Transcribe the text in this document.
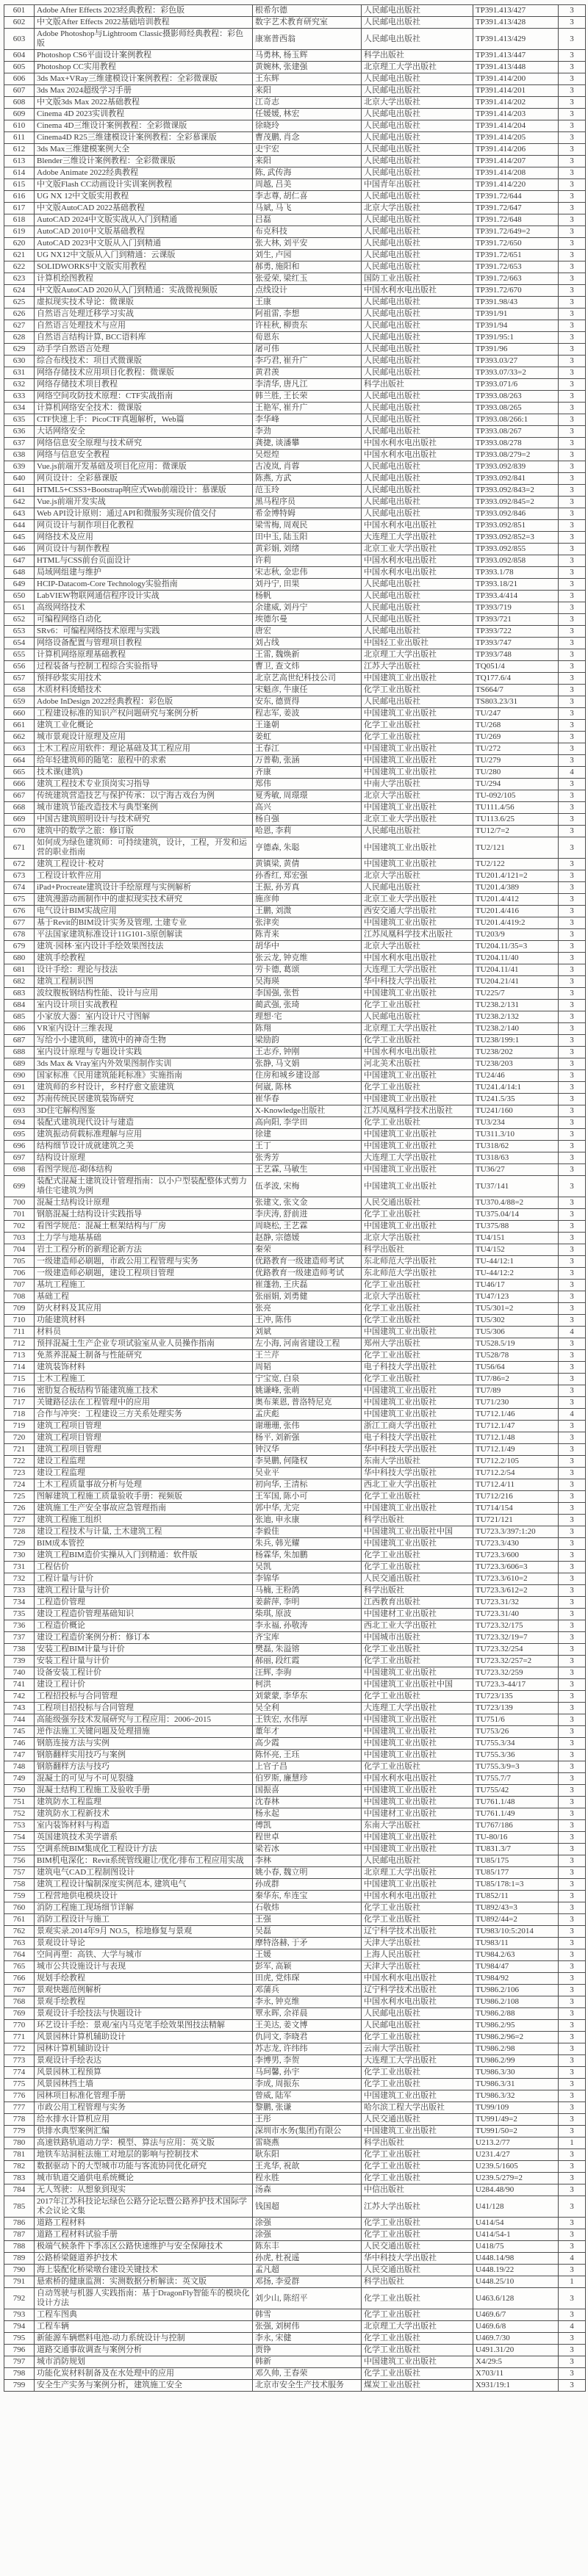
601	Adobe After Effects 2023经典教程：彩色版	根希尔德	人民邮电出版社	TP391.413/427	3
602	中文版After Effects 2022基础培训教程	数字艺术教育研究室	人民邮电出版社	TP391.413/428	3
603	Adobe Photoshop与Lightroom Classic摄影师经典教程：彩色版	康塞普西翁	人民邮电出版社	TP391.413/429	3
604	Photoshop CS6平面设计案例教程	马勇林, 杨玉辉	科学出版社	TP391.413/447	3
605	Photoshop CC实用教程	黄婉林, 张建强	北京理工大学出版社	TP391.413/448	3
606	3ds Max+VRay三维建模设计案例教程：全彩微课版	王东辉	人民邮电出版社	TP391.414/200	3
607	3ds Max 2024超级学习手册	来阳	人民邮电出版社	TP391.414/201	3
608	中文版3ds Max 2022基础教程	江奇志	北京大学出版社	TP391.414/202	3
609	Cinema 4D 2023实训教程	任媛媛, 林宏	人民邮电出版社	TP391.414/203	3
610	Cinema 4D三维设计案例教程：全彩微课版	徐晓玲	人民邮电出版社	TP391.414/204	3
611	Cinema4D R25三维建模设计案例教程：全彩慕课版	曹茂鹏, 肖念	人民邮电出版社	TP391.414/205	3
612	3ds Max三维建模案例大全	史宇宏	人民邮电出版社	TP391.414/206	3
613	Blender三维设计案例教程：全彩微课版	来阳	人民邮电出版社	TP391.414/207	3
614	Adobe Animate 2022经典教程	陈, 武传海	人民邮电出版社	TP391.414/208	3
615	中文版Flash CC动画设计实训案例教程	周越, 吕美	中国青年出版社	TP391.414/220	3
616	UG NX 12中文版实用教程	李志尊, 胡仁喜	人民邮电出版社	TP391.72/644	3
617	中文版AutoCAD 2022基础教程	马斌, 马飞	北京大学出版社	TP391.72/647	3
618	AutoCAD 2024中文版实战从入门到精通	吕磊	人民邮电出版社	TP391.72/648	3
619	AutoCAD 2010中文版基础教程	布克科技	人民邮电出版社	TP391.72/649=2	3
620	AutoCAD 2023中文版从入门到精通	张大林, 刘平安	人民邮电出版社	TP391.72/650	3
621	UG NX12中文版从入门到精通：云课版	刘生, 卢园	人民邮电出版社	TP391.72/651	3
622	SOLIDWORKS中文版实用教程	郝勇, 施阳和	人民邮电出版社	TP391.72/653	3
623	计算机绘图教程	张爱荣, 梁红玉	国防工业出版社	TP391.72/663	3
624	中文版AutoCAD 2020从入门到精通：实战微视频版	点线设计	中国水利水电出版社	TP391.72/670	3
625	虚拟现实技术导论：微课版	王康	人民邮电出版社	TP391.98/43	3
626	自然语言处理迁移学习实战	阿祖雷, 李想	人民邮电出版社	TP391/91	3
627	自然语言处理技术与应用	许桂秋, 柳贵东	人民邮电出版社	TP391/94	3
628	自然语言结构计算, BCC语料库	荀恩东	人民邮电出版社	TP391/95:1	3
629	动手学自然语言处理	屠可伟	人民邮电出版社	TP391/96	3
630	综合布线技术：项目式微课版	李巧君, 崔升广	人民邮电出版社	TP393.03/27	3
631	网络存储技术应用项目化教程：微课版	黄君羡	人民邮电出版社	TP393.07/33=2	3
632	网络存储技术项目教程	李清华, 唐凡江	科学出版社	TP393.071/6	3
633	网络空间攻防技术原理：CTF实战指南	韩兰胜, 王长荣	人民邮电出版社	TP393.08/263	3
634	计算机网络安全技术：微课版	王艳军, 崔升广	人民邮电出版社	TP393.08/265	3
635	CTF快速上手：PicoCTF真题解析，Web篇	李华峰	人民邮电出版社	TP393.08/266:1	3
636	大话网络安全	李劲	人民邮电出版社	TP393.08/267	3
637	网络信息安全原理与技术研究	龚捷, 谈潘攀	中国水利水电出版社	TP393.08/278	3
638	网络与信息安全教程	吴煜煌	中国水利水电出版社	TP393.08/279=2	3
639	Vue.js前端开发基础及项目化应用：微课版	古凌岚, 肖蓉	人民邮电出版社	TP393.092/839	3
640	网页设计：全彩慕课版	陈燕, 方武	人民邮电出版社	TP393.092/841	3
641	HTML5+CSS3+Bootstrap响应式Web前端设计：慕课版	范玉玲	人民邮电出版社	TP393.092/843=2	3
642	Vue.js前端开发实战	黑马程序员	人民邮电出版社	TP393.092/845=2	3
643	Web API设计原则：通过API和微服务实现价值交付	希金博特姆	人民邮电出版社	TP393.092/846	3
644	网页设计与制作项目化教程	梁雪梅, 周观民	中国水利水电出版社	TP393.092/851	3
645	网络技术及应用	田中玉, 陆玉阳	大连理工大学出版社	TP393.092/852=3	3
646	网页设计与制作教程	黄彩娟, 刘绪	北京工业大学出版社	TP393.092/855	3
647	HTML与CSS前台页面设计	许莉	中国水利水电出版社	TP393.092/858	3
648	局域网组建与维护	宋志秋, 金忠伟	中国水利水电出版社	TP393.1/78	3
649	HCIP-Datacom-Core Technology实验指南	刘丹宁, 田果	人民邮电出版社	TP393.18/21	3
650	LabVIEW物联网通信程序设计实战	杨帆	人民邮电出版社	TP393.4/414	3
651	高级网络技术	余建威, 刘丹宁	人民邮电出版社	TP393/719	3
652	可编程网络自动化	埃德尔曼	人民邮电出版社	TP393/721	3
653	SRv6：可编程网络技术原理与实践	唐宏	人民邮电出版社	TP393/722	3
654	网络设备配置与管理项目教程	刘占线	中国轻工业出版社	TP393/747	3
655	计算机网络原理基础教程	王雷, 魏焕新	北京理工大学出版社	TP393/748	3
656	过程装备与控制工程综合实验指导	曹卫, 查文炜	江苏大学出版社	TQ051/4	3
657	预拌砂浆实用技术	北京艺高世纪科技公司	中国建筑工业出版社	TQ177.6/4	3
658	木质材料烫蜡技术	宋魁彦, 牛康任	化学工业出版社	TS664/7	3
659	Adobe InDesign 2022经典教程：彩色版	安东, 德贾得	人民邮电出版社	TS803.23/31	3
660	工程建设标准的知识产权问题研究与案例分析	程志军, 姜波	中国建筑工业出版社	TU/247	3
661	建筑工业化概论	王逢朝	化学工业出版社	TU/268	3
662	城市景观设计原理及应用	姜虹	化学工业出版社	TU/269	3
663	土木工程应用软件：理论基础及其工程应用	王春江	中国建筑工业出版社	TU/272	3
664	给年轻建筑师的随笔：旅程中的求索	万普勒, 张涵	中国建筑工业出版社	TU/279	3
665	技术课(建筑)	齐康	中国建筑工业出版社	TU/280	4
666	建筑工程技术专业顶岗实习指导	郑伟	中南大学出版社	TU/294	3
667	传统建筑营造技艺与保护传承：以宁海古戏台为例	夏秀敏, 周璟璟	北京大学出版社	TU-092/105	3
668	城市建筑节能改造技术与典型案例	高兴	中国建筑工业出版社	TU111.4/56	3
669	中国古建筑照明设计与技术研究	杨自强	北京工业大学出版社	TU113.6/25	3
670	建筑中的数学之旅：修订版	哈恩, 李莉	人民邮电出版社	TU12/7=2	3
671	如何成为绿色建筑师：可持续建筑，设计，工程，开发和运营的职业指南	亨德森, 朱聪	中国建筑工业出版社	TU2/121	3
672	建筑工程设计·校对	黄镇梁, 黄倩	中国建筑工业出版社	TU2/122	3
673	工程设计软件应用	孙香红, 郑宏强	北京大学出版社	TU201.4/121=2	3
674	iPad+Procreate建筑设计手绘原理与实例解析	王振, 孙芳真	人民邮电出版社	TU201.4/389	3
675	建筑漫游动画制作中的虚拟现实技术研究	施彦帅	北京工业大学出版社	TU201.4/412	3
676	电气设计BIM实战应用	王鹏, 刘溦	西安交通大学出版社	TU201.4/416	3
677	基于Revit的BIM设计实务及管理, 土建专业	张津奕	中国建筑工业出版社	TU201.4/419:2	3
678	平法国家建筑标准设计11G101-3原创解读	陈青来	江苏凤凰科学技术出版社	TU203/9	3
679	建筑·园林·室内设计手绘效果图技法	胡华中	北京大学出版社	TU204.11/35=3	3
680	建筑手绘教程	张云龙, 钟克维	中国水利水电出版社	TU204.11/40	3
681	设计手绘：理论与技法	劳卡德, 葛颂	大连理工大学出版社	TU204.11/41	3
682	建筑工程制识图	吴海瑛	华中科技大学出版社	TU204.21/41	3
683	波纹腹板钢结构性能、设计与应用	李国强, 张哲	中国建筑工业出版社	TU225/7	3
684	室内设计项目实战教程	蔺武强, 张琦	化学工业出版社	TU238.2/131	3
685	小家放大器：室内设计尺寸图解	理想·宅	人民邮电出版社	TU238.2/132	3
686	VR室内设计三维表现	陈翔	北京理工大学出版社	TU238.2/140	3
687	写给小小建筑师，建筑中的神奇生物	梁励韵	化学工业出版社	TU238/199:1	3
688	室内设计原理与专题设计实践	王志乔, 钟刚	中国水利水电出版社	TU238/202	3
689	3ds Max & Vray室内外效果图制作实训	张静, 马文娟	河北美术出版社	TU238/203	3
690	国家标准《民用建筑能耗标准》实施指南	住房和城乡建设部	中国建筑工业出版社	TU24/46	3
691	建筑师的乡村设计，乡村疗愈文旅建筑	何崴, 陈林	化学工业出版社	TU241.4/14:1	3
692	苏南传统民居建筑装饰研究	崔华春	中国建筑工业出版社	TU241.5/35	3
693	3D住宅解构图鉴	X-Knowledge出版社	江苏凤凰科学技术出版社	TU241/160	3
694	装配式建筑现代设计与建造	高向阳, 李学田	化学工业出版社	TU3/234	3
695	建筑振动荷载标准理解与应用	徐建	中国建筑工业出版社	TU311.3/10	3
696	结构细节设计成就建筑之美	王丁	中国建筑工业出版社	TU318/62	3
697	结构设计原理	张秀芳	大连理工大学出版社	TU318/63	3
698	看图学规范-砌体结构	王艺霖, 马敏生	中国建筑工业出版社	TU36/27	3
699	装配式混凝土建筑设计管理指南：以小户型装配整体式剪力墙住宅建筑为例	伍孝波, 宋梅	中国建筑工业出版社	TU37/141	3
700	混凝土结构设计原理	张建文, 张文金	人民交通出版社	TU370.4/88=2	3
701	钢筋混凝土结构设计实践指导	李庆涛, 舒前进	化学工业出版社	TU375.04/14	3
702	看图学规范：混凝土框架结构与厂房	周晓松, 王艺霖	中国建筑工业出版社	TU375/88	3
703	土力学与地基基础	赵静, 宗德媛	北京大学出版社	TU4/151	3
704	岩土工程分析的新理论新方法	秦荣	科学出版社	TU4/152	3
705	一级建造师必刷题，市政公用工程管理与实务	优路教育一级建造师考试	东北师范大学出版社	TU-44/12:1	3
706	一级建造师必刷题，建设工程项目管理	优路教育一级建造师考试	东北师范大学出版社	TU-44/12:2	3
707	基坑工程施工	崔蓬勃, 王庆磊	化学工业出版社	TU46/17	3
708	基础工程	张丽娟, 刘勇健	北京大学出版社	TU47/123	3
709	防火材料及其应用	张亮	化学工业出版社	TU5/301=2	3
710	功能建筑材料	王冲, 陈伟	化学工业出版社	TU5/302	3
711	材料员	刘斌	中国建筑工业出版社	TU5/306	4
712	预拌混凝土生产企业专项试验室从业人员操作指南	左小海, 河南省建设工程	郑州大学出版社	TU528.5/19	3
713	免蒸养混凝土制备与性能研究	王兰芹	化学工业出版社	TU528/78	3
714	建筑装饰材料	周韬	电子科技大学出版社	TU56/64	3
715	土木工程施工	宁宝宽, 白泉	化学工业出版社	TU7/86=2	3
716	密肋复合板结构节能建筑施工技术	姚谦峰, 张萌	中国建筑工业出版社	TU7/89	3
717	关键路径法在工程管理中的应用	奥布莱恩, 普洛特尼克	中国建筑工业出版社	TU71/230	3
718	合作与冲突：工程建设三方关系处理实务	孟庆彪	中国建筑工业出版社	TU712.1/46	4
719	建筑工程项目管理	谢珊珊, 张伟	浙江工商大学出版社	TU712.1/47	3
720	建筑工程项目管理	杨平, 刘新强	电子科技大学出版社	TU712.1/48	3
721	建筑工程项目管理	钟汉华	华中科技大学出版社	TU712.1/49	3
722	建设工程监理	李昊鹏, 何隆权	东南大学出版社	TU712.2/105	3
723	建设工程监理	吴业平	华中科技大学出版社	TU712.2/54	3
724	土木工程质量事故分析与处理	初向华, 王清标	西北工业大学出版社	TU712.4/11	3
725	图解建筑工程施工质量验收手册：视频版	王军国, 陈小可	化学工业出版社	TU712/216	3
726	建筑施工生产安全事故应急管理指南	郭中华, 尤完	中国建筑工业出版社	TU714/154	3
727	建筑工程施工组织	张迪, 申永康	科学出版社	TU721/121	3
728	建设工程技术与计量, 土木建筑工程	李毅佳	中国建筑工业出版社中国	TU723.3/397:1:20	3
729	BIM成本管控	朱兵, 韩光耀	中国建筑工业出版社	TU723.3/430	3
730	建筑工程BIM造价实操从入门到精通：软件版	杨霖华, 朱加鹏	化学工业出版社	TU723.3/600	3
731	工程估价	吴凯	化学工业出版社	TU723.3/606=3	3
732	工程计量与计价	李锦华	人民交通出版社	TU723.3/610=2	3
733	建筑工程计量与计价	马楠, 王粉鸽	科学出版社	TU723.3/612=2	3
734	工程造价管理	姜薪萍, 李明	江西教育出版社	TU723.31/32	3
735	建设工程造价管理基础知识	柴琪, 原波	中国建材工业出版社	TU723.31/40	3
736	工程造价概论	李永福, 孙敬涛	西北工业大学出版社	TU723.32/175	3
737	建设工程造价案例分析：修订本	齐宝库	中国城市出版社	TU723.32/19=7	3
738	安装工程BIM计量与计价	樊磊, 朱溢镕	化学工业出版社	TU723.32/254	3
739	安装工程计量与计价	郝丽, 段红霞	化学工业出版社	TU723.32/257=2	3
740	设备安装工程计价	汪辉, 李驹	中国建筑工业出版社	TU723.32/259	3
741	建设工程计价	柯洪	中国建筑工业出版社中国	TU723.3-44/17	3
742	工程招投标与合同管理	刘蒙蒙, 李华东	化学工业出版社	TU723/135	3
743	工程项目招投标与合同管理	吴全利	大连理工大学出版社	TU723/139	3
744	高能级强夯技术发展研究与工程应用：2006~2015	王铁宏, 水伟厚	中国建筑工业出版社	TU751/6	3
745	逆作法施工关键问题及处理措施	董年才	中国建筑工业出版社	TU753/26	3
746	钢筋连接方法与实例	高少霞	中国建筑工业出版社	TU755.3/34	3
747	钢筋翻样实用技巧与案例	陈怀亮, 王珏	中国建筑工业出版社	TU755.3/36	3
748	钢筋翻样方法与技巧	上官子昌	化学工业出版社	TU755.3/9=3	3
749	混凝土的可见与不可见裂缝	伯罗斯, 廉慧珍	中国水利水电出版社	TU755.7/7	3
750	混凝土结构工程施工及验收手册	国振喜	中国建筑工业出版社	TU755/42	3
751	建筑防水工程监理	沈春林	中国建筑工业出版社	TU761.1/48	3
752	建筑防水工程新技术	杨永起	中国建材工业出版社	TU761.1/49	3
753	室内装饰材料与构造	傅凯	东南大学出版社	TU767/186	3
754	英国建筑技术美学谱系	程世卓	中国建筑工业出版社	TU-80/16	3
755	空调系统BIM集成化工程设计方法	梁若冰	中国建筑工业出版社	TU831.3/7	3
756	BIM机电深化：Revit系统管线避让/优化/排布工程应用实战	李林	人民邮电出版社	TU85/175	3
757	建筑电气CAD工程制图设计	姚小春, 魏立明	北京理工大学出版社	TU85/177	3
758	建筑工程设计编制深度实例范本, 建筑电气	孙成群	中国建筑工业出版社	TU85/178:1=3	3
759	工程营地供电模块设计	秦华东, 牟连宝	中国水利水电出版社	TU852/11	3
760	消防工程施工现场细节详解	石敬炜	化学工业出版社	TU892/43=3	3
761	消防工程设计与施工	王强	化学工业出版社	TU892/44=2	3
762	景观实录.2014年9月 NO.5，棕地修复与景观	吴磊	辽宁科学技术出版社	TU983/10:5:2014	3
763	景观设计导论	摩特洛赫, 于矛	天津大学出版社	TU983/11	3
764	空间再塑：高铁、大学与城市	王媛	上海人民出版社	TU984.2/63	3
765	城市公共设施设计与表现	彭军, 高颖	天津大学出版社	TU984/47	3
766	规划手绘教程	田虎, 党炜琛	中国水利水电出版社	TU984/92	3
767	景观快题范例解析	邓蒲兵	辽宁科学技术出版社	TU986.2/106	3
768	景观手绘教程	李永, 钟克维	中国水利水电出版社	TU986.2/108	3
769	景观设计手绘技法与快题设计	覃永晖, 余祥晨	人民邮电出版社	TU986.2/88	3
770	环艺设计手绘：景观/室内马克笔手绘效果图技法精解	王美达, 姜文博	人民邮电出版社	TU986.2/95	3
771	风景园林计算机辅助设计	仇同文, 李晓君	化学工业出版社	TU986.2/96=2	3
772	园林计算机辅助设计	苏志龙, 许纬纬	云南大学出版社	TU986.2/98	3
773	景观设计手绘表达	李博男, 李贺	大连理工大学出版社	TU986.2/99	3
774	风景园林工程预算	马珂馨, 孙宇	化学工业出版社	TU986.3/30	3
775	风景园林挡土墙	李成, 周振东	化学工业出版社	TU986.3/31	3
776	园林项目标准化管理手册	曾威, 陆军	中国建筑工业出版社	TU986.3/32	3
777	市政公用工程管理与实务	黎鹏, 张谦	哈尔滨工程大学出版社	TU99/109	3
778	给水排水计算机应用	王彤	人民交通出版社	TU991/49=2	3
779	供排水典型案例汇编	深圳市水务(集团)有限公	中国建筑工业出版社	TU991/50=2	3
780	高速铁路轨道动力学：模型、算法与应用：英文版	雷晓燕	科学出版社	U213.2/77	1
781	地铁车站洞桩法施工对地层的影响与控制技术	耿东阳	化学工业出版社	U231.4/27	3
782	数据驱动下的大型城市功能与客流协同优化研究	王兆华, 祝歆	化学工业出版社	U239.5/1605	3
783	城市轨道交通供电系统概论	程永胜	化学工业出版社	U239.5/279=2	3
784	无人驾驶：从想象到现实	汤森	中信出版社	U284.48/90	3
785	2017年江苏科技论坛绿色公路分论坛暨公路养护技术国际学术会议论文集	钱国超	江苏大学出版社	U41/128	3
786	道路工程材料	涂强	化学工业出版社	U414/54	3
787	道路工程材料试验手册	涂强	化学工业出版社	U414/54-1	3
788	极端气候条件下季冻区公路快速维护与安全保障技术	陈东丰	人民交通出版社	U418/75	3
789	公路桥梁隧道养护技术	孙虎, 杜祝遥	华中科技大学出版社	U448.14/98	4
790	海上装配化桥梁墩台建设关键技术	孟凡超	人民交通出版社	U448.19/22	3
791	悬索桥的健康监测：实测数据分析解读：英文版	邓扬, 李爱群	科学出版社	U448.25/10	1
792	自动驾驶与机器人实践指南：基于DragonFly智能车的模块化设计方法	刘少山, 陈绍平	化学工业出版社	U463.6/128	3
793	工程车图典	韩雪	化学工业出版社	U469.6/7	3
794	工程车辆	张强, 刘树伟	北京理工大学出版社	U469.6/8	4
795	新能源车辆燃料电池-动力系统设计与控制	李永, 宋健	化学工业出版社	U469.7/30	3
796	道路交通事故调查与案例分析	贾铮	化学工业出版社	U491.31/20	3
797	城市消防规划	韩新	中国建筑工业出版社	X4/29:5	3
798	功能化炭材料制备及在水处理中的应用	邓久帅, 王春荣	化学工业出版社	X703/11	3
799	安全生产实务与案例分析，建筑施工安全	北京市安全生产技术服务	煤炭工业出版社	X931/19:1	3
